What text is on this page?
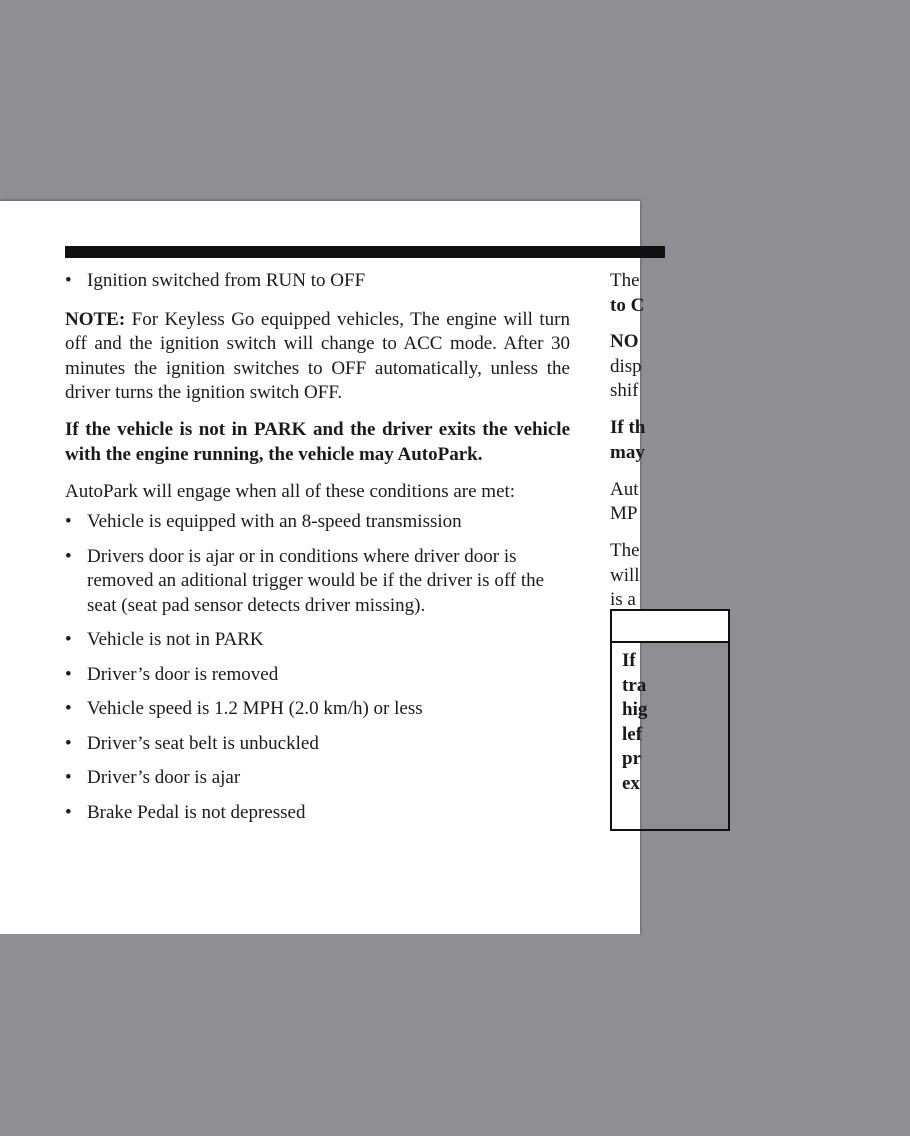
• Ignition switched from RUN to OFF

NOTE: For Keyless Go equipped vehicles, The engine will turn off and the ignition switch will change to ACC mode. After 30 minutes the ignition switches to OFF automatically, unless the driver turns the ignition switch OFF.

If the vehicle is not in PARK and the driver exits the vehicle with the engine running, the vehicle may AutoPark.

AutoPark will engage when all of these conditions are met:

• Vehicle is equipped with an 8-speed transmission
• Drivers door is ajar or in conditions where driver door is removed an aditional trigger would be if the driver is off the seat (seat pad sensor detects driver missing).
• Vehicle is not in PARK
• Driver’s door is removed
• Vehicle speed is 1.2 MPH (2.0 km/h) or less
• Driver’s seat belt is unbuckled
• Driver’s door is ajar
• Brake Pedal is not depressed

The
to C

NO
disp
shif

If th
may

Aut
MP

The
will
is a

If
tra
hig
lef
pr
ex
